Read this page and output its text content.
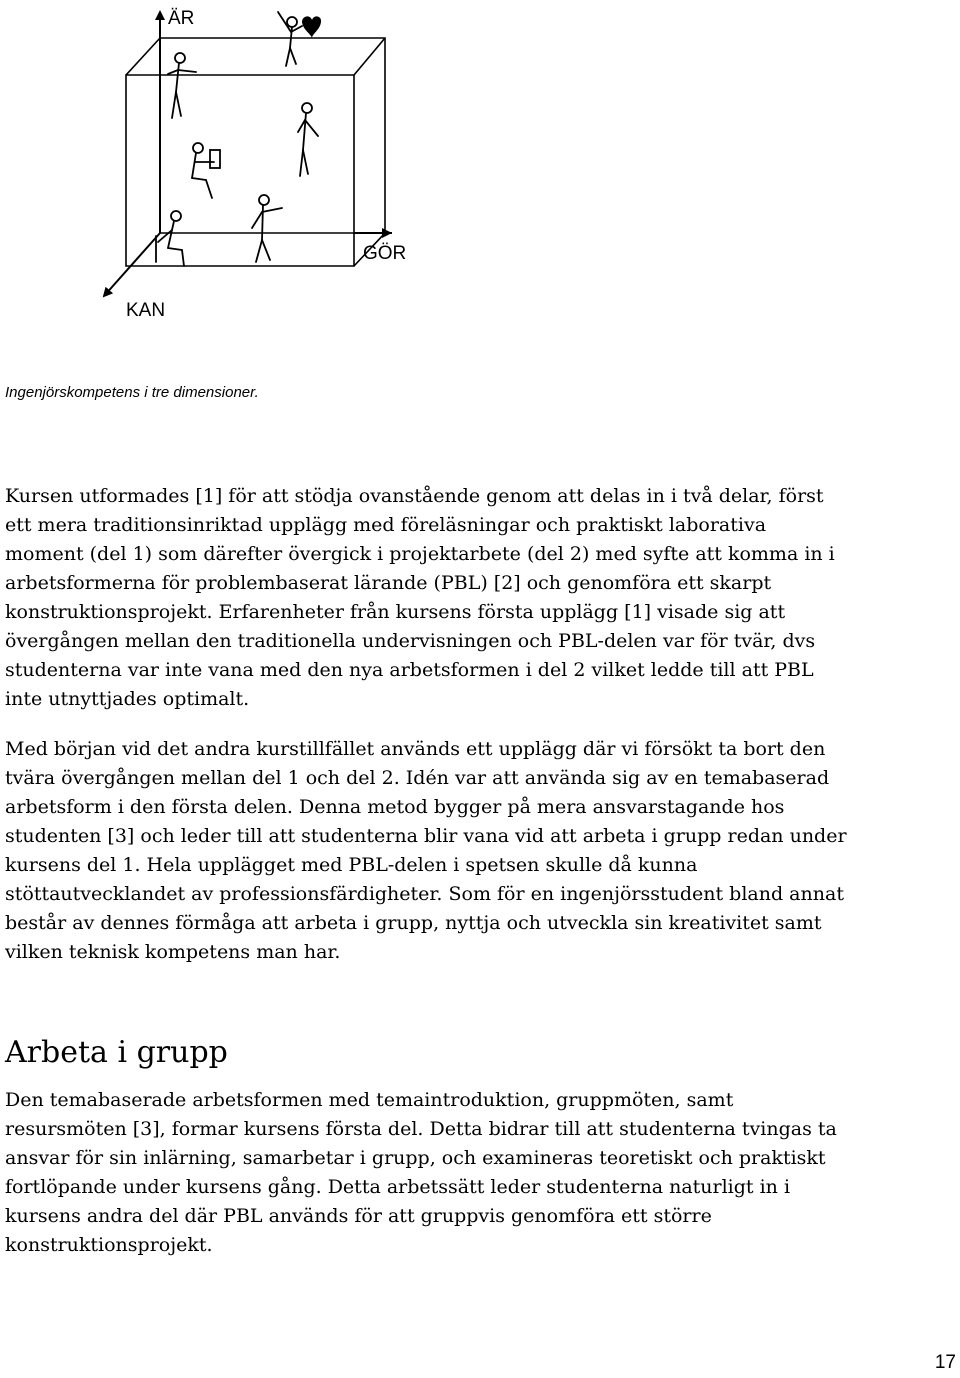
ÄR
GÖR
KAN

Ingenjörskompetens i tre dimensioner.

Kursen utformades [1] för att stödja ovanstående genom att delas in i två delar, först
ett mera traditionsinriktad upplägg med föreläsningar och praktiskt laborativa
moment (del 1) som därefter övergick i projektarbete (del 2) med syfte att komma in i
arbetsformerna för problembaserat lärande (PBL) [2] och genomföra ett skarpt
konstruktionsprojekt. Erfarenheter från kursens första upplägg [1] visade sig att
övergången mellan den traditionella undervisningen och PBL-delen var för tvär, dvs
studenterna var inte vana med den nya arbetsformen i del 2 vilket ledde till att PBL
inte utnyttjades optimalt.

Med början vid det andra kurstillfället används ett upplägg där vi försökt ta bort den
tvära övergången mellan del 1 och del 2. Idén var att använda sig av en temabaserad
arbetsform i den första delen. Denna metod bygger på mera ansvarstagande hos
studenten [3] och leder till att studenterna blir vana vid att arbeta i grupp redan under
kursens del 1. Hela upplägget med PBL-delen i spetsen skulle då kunna
stöttautvecklandet av professionsfärdigheter. Som för en ingenjörsstudent bland annat
består av dennes förmåga att arbeta i grupp, nyttja och utveckla sin kreativitet samt
vilken teknisk kompetens man har.

Arbeta i grupp

Den temabaserade arbetsformen med temaintroduktion, gruppmöten, samt
resursmöten [3], formar kursens första del. Detta bidrar till att studenterna tvingas ta
ansvar för sin inlärning, samarbetar i grupp, och examineras teoretiskt och praktiskt
fortlöpande under kursens gång. Detta arbetssätt leder studenterna naturligt in i
kursens andra del där PBL används för att gruppvis genomföra ett större
konstruktionsprojekt.

17
